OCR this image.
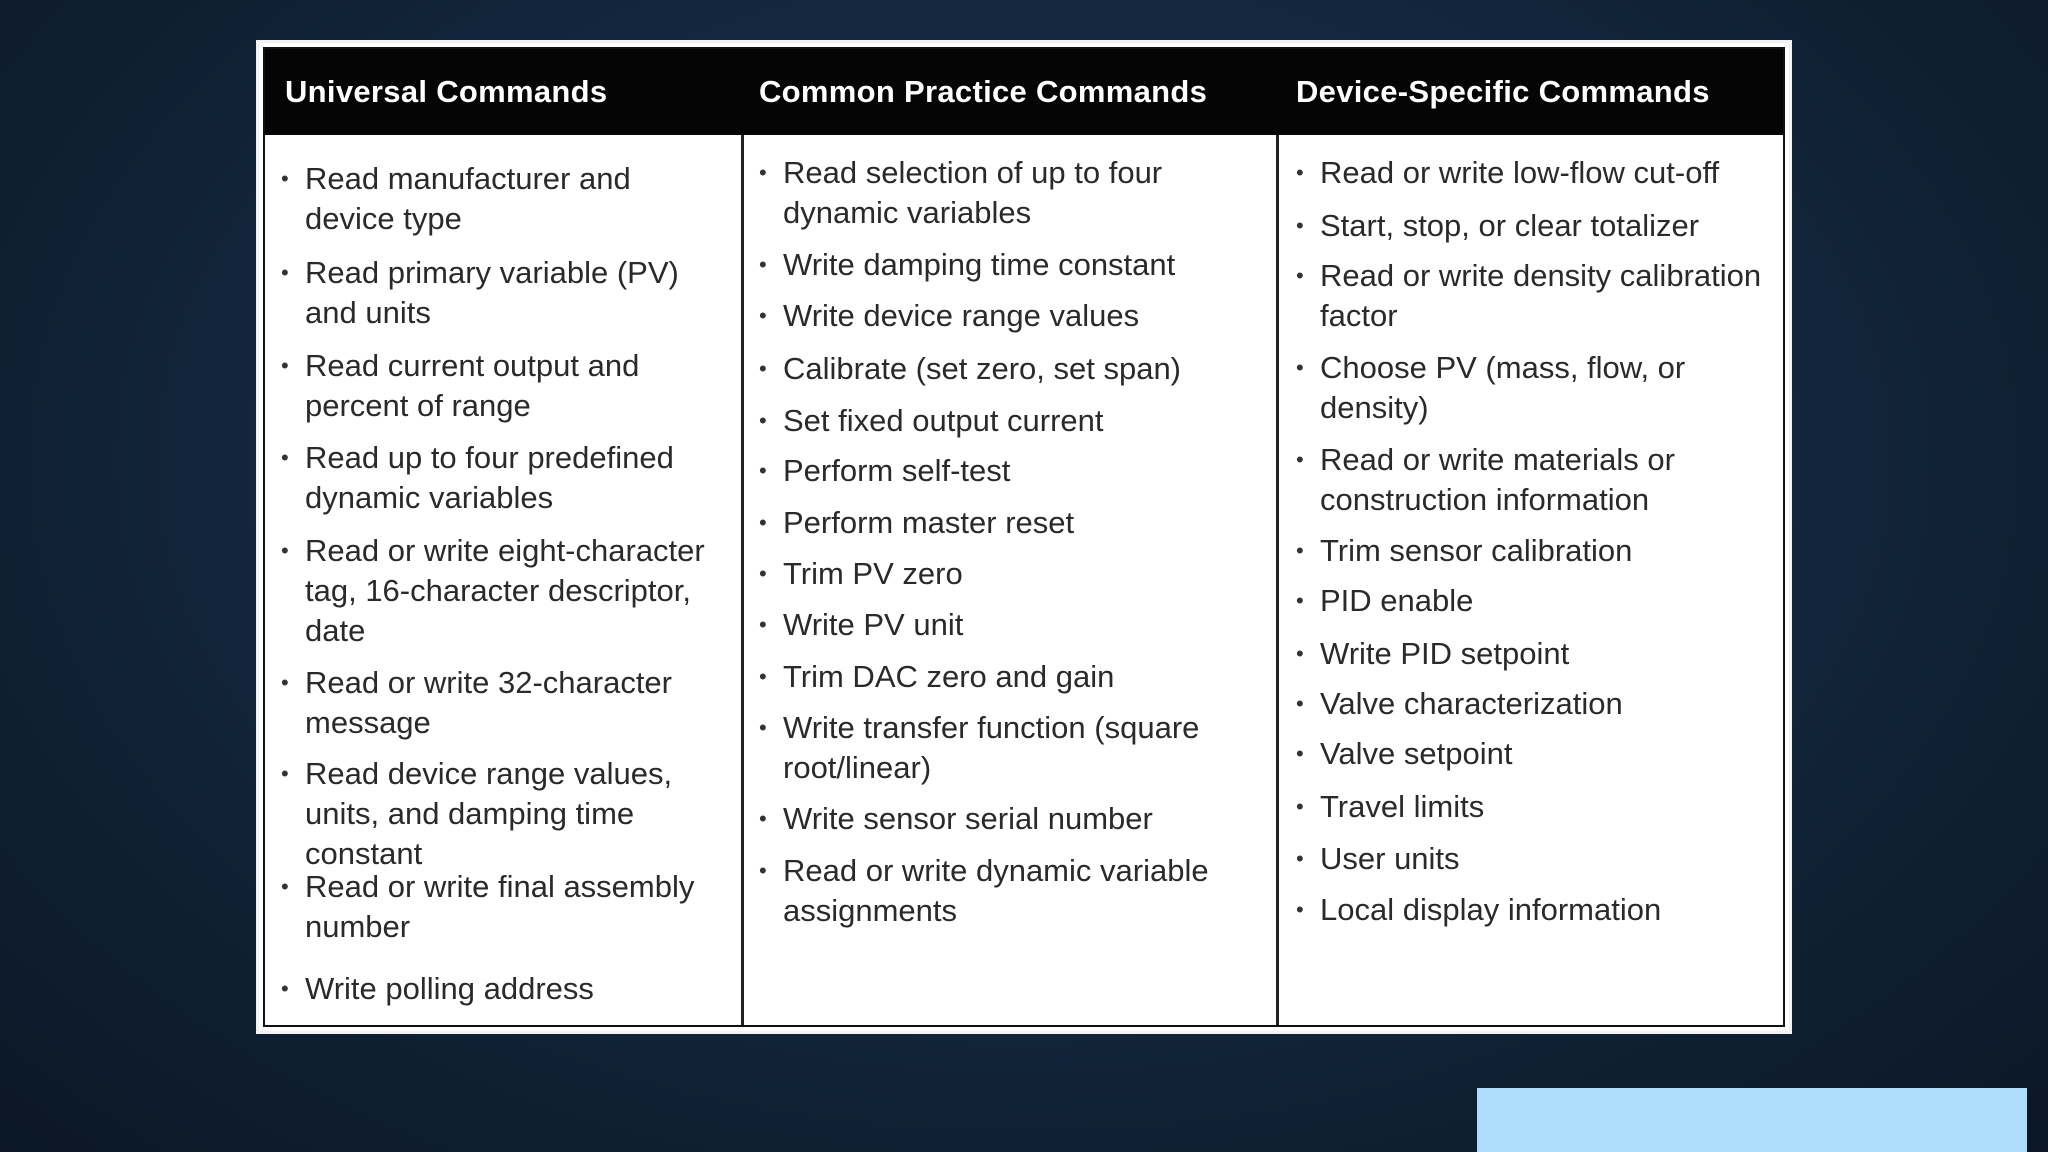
Universal Commands	Common Practice Commands	Device-Specific Commands
• Read manufacturer and
device type
• Read primary variable (PV)
and units
• Read current output and
percent of range
• Read up to four predefined
dynamic variables
• Read or write eight-character
tag, 16-character descriptor,
date
• Read or write 32-character
message
• Read device range values,
units, and damping time
constant
• Read or write final assembly
number
• Write polling address
• Read selection of up to four
dynamic variables
• Write damping time constant
• Write device range values
• Calibrate (set zero, set span)
• Set fixed output current
• Perform self-test
• Perform master reset
• Trim PV zero
• Write PV unit
• Trim DAC zero and gain
• Write transfer function (square
root/linear)
• Write sensor serial number
• Read or write dynamic variable
assignments
• Read or write low-flow cut-off
• Start, stop, or clear totalizer
• Read or write density calibration
factor
• Choose PV (mass, flow, or
density)
• Read or write materials or
construction information
• Trim sensor calibration
• PID enable
• Write PID setpoint
• Valve characterization
• Valve setpoint
• Travel limits
• User units
• Local display information
